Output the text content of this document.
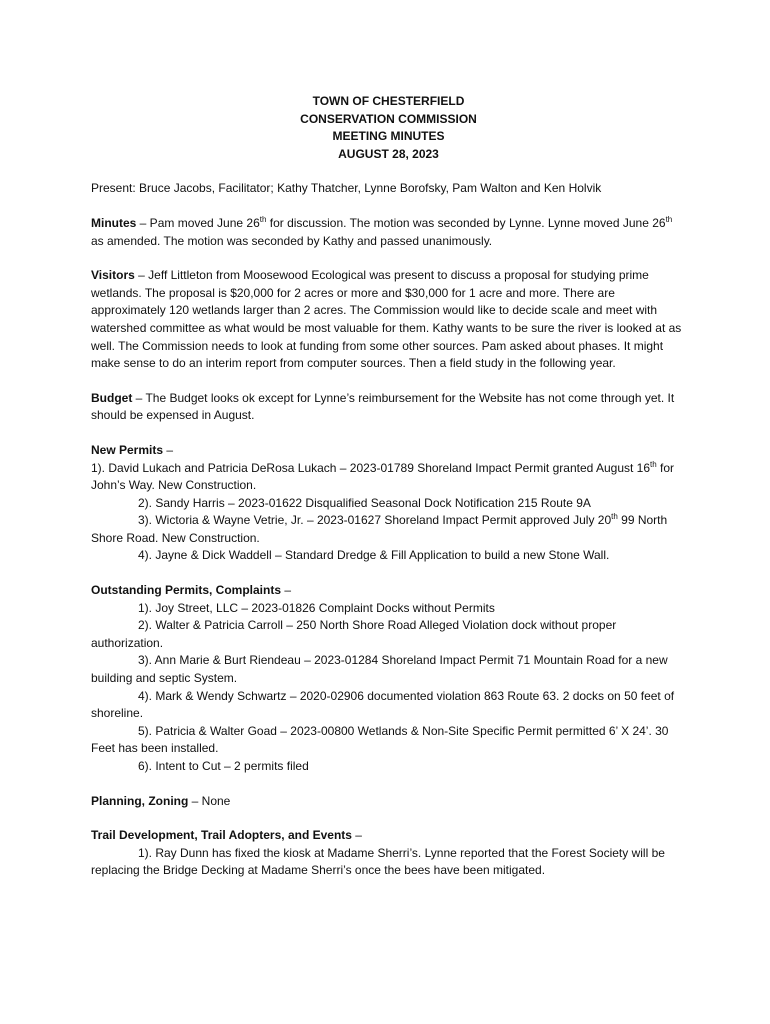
TOWN OF CHESTERFIELD
CONSERVATION COMMISSION
MEETING MINUTES
AUGUST 28, 2023

Present: Bruce Jacobs, Facilitator; Kathy Thatcher, Lynne Borofsky, Pam Walton and Ken Holvik

Minutes – Pam moved June 26th for discussion. The motion was seconded by Lynne. Lynne moved June 26th as amended. The motion was seconded by Kathy and passed unanimously.

Visitors – Jeff Littleton from Moosewood Ecological was present to discuss a proposal for studying prime wetlands. The proposal is $20,000 for 2 acres or more and $30,000 for 1 acre and more. There are approximately 120 wetlands larger than 2 acres. The Commission would like to decide scale and meet with watershed committee as what would be most valuable for them. Kathy wants to be sure the river is looked at as well. The Commission needs to look at funding from some other sources. Pam asked about phases. It might make sense to do an interim report from computer sources. Then a field study in the following year.

Budget – The Budget looks ok except for Lynne’s reimbursement for the Website has not come through yet. It should be expensed in August.

New Permits –

1). David Lukach and Patricia DeRosa Lukach – 2023-01789 Shoreland Impact Permit granted August 16th for John’s Way. New Construction.

2). Sandy Harris – 2023-01622 Disqualified Seasonal Dock Notification 215 Route 9A

3). Wictoria & Wayne Vetrie, Jr. – 2023-01627 Shoreland Impact Permit approved July 20th 99 North Shore Road. New Construction.

4). Jayne & Dick Waddell – Standard Dredge & Fill Application to build a new Stone Wall.

Outstanding Permits, Complaints –

1). Joy Street, LLC – 2023-01826 Complaint Docks without Permits

2). Walter & Patricia Carroll – 250 North Shore Road Alleged Violation dock without proper authorization.

3). Ann Marie & Burt Riendeau – 2023-01284 Shoreland Impact Permit 71 Mountain Road for a new building and septic System.

4). Mark & Wendy Schwartz – 2020-02906 documented violation 863 Route 63. 2 docks on 50 feet of shoreline.

5). Patricia & Walter Goad – 2023-00800 Wetlands & Non-Site Specific Permit permitted 6’ X 24’. 30 Feet has been installed.

6). Intent to Cut – 2 permits filed

Planning, Zoning – None

Trail Development, Trail Adopters, and Events –

1). Ray Dunn has fixed the kiosk at Madame Sherri’s. Lynne reported that the Forest Society will be replacing the Bridge Decking at Madame Sherri’s once the bees have been mitigated.
